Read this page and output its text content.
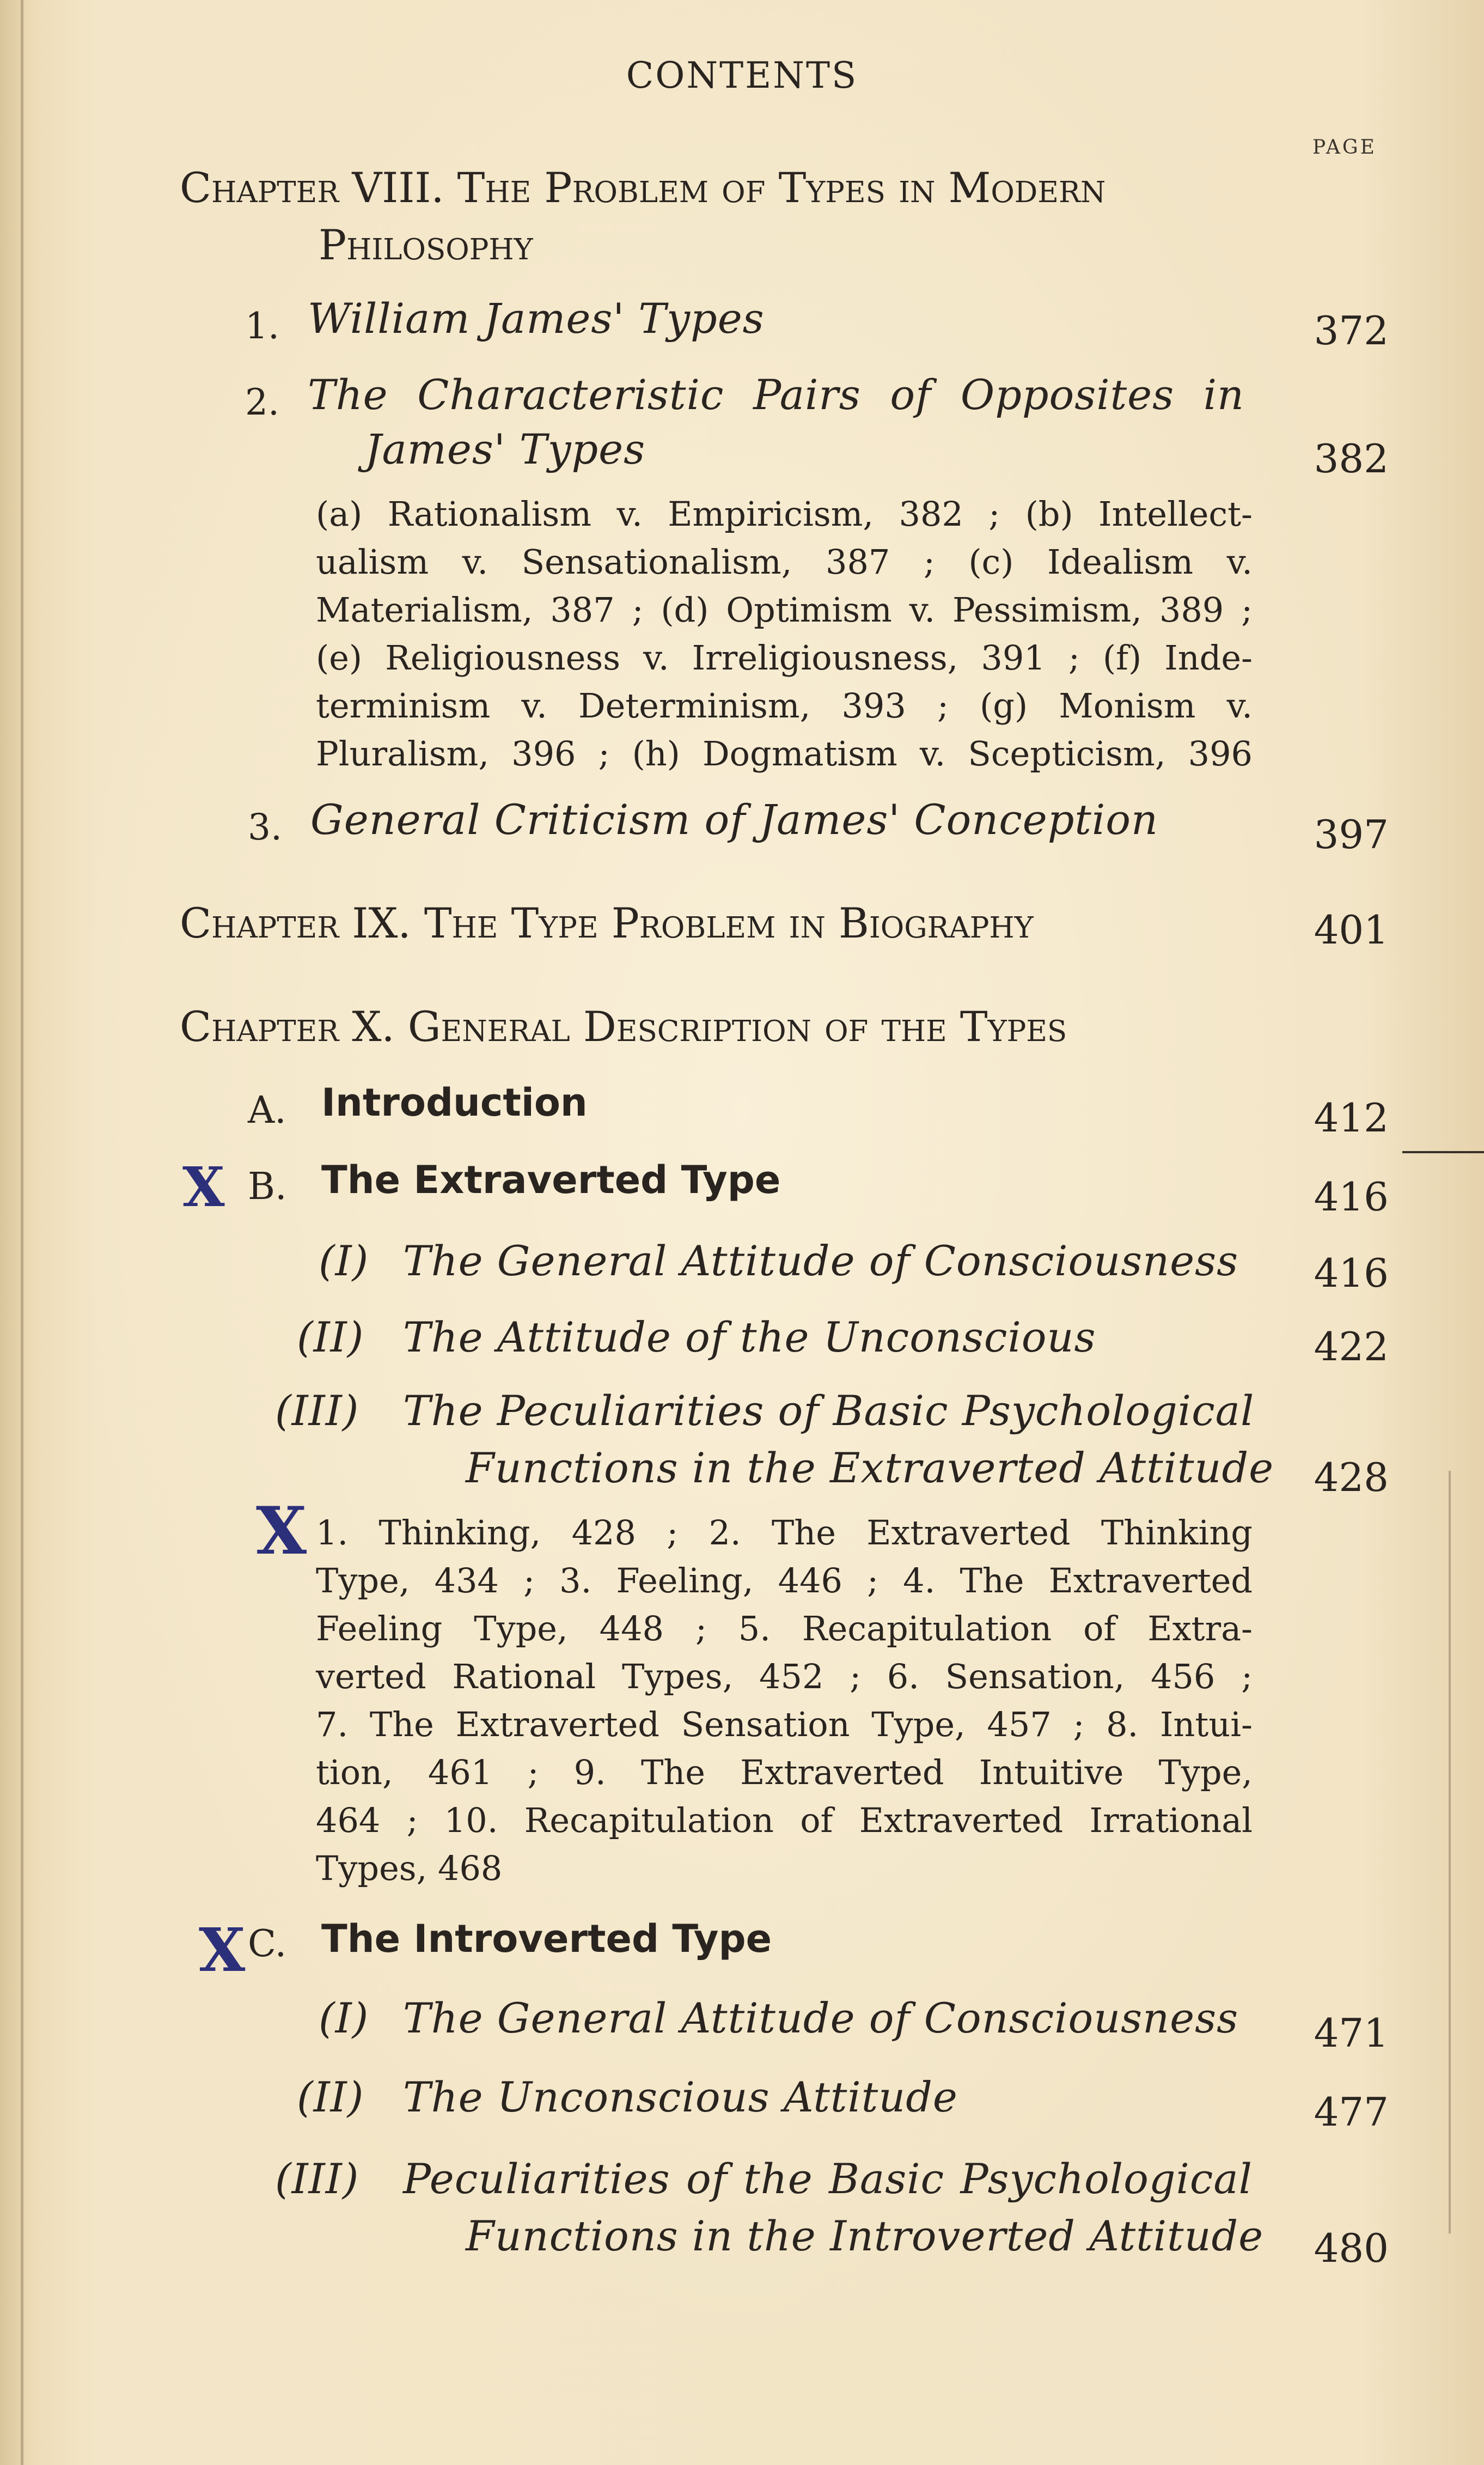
CONTENTS
PAGE
Chapter VIII. The Problem of Types in Modern
Philosophy
1. William James' Types	372
2. The Characteristic Pairs of Opposites in
James' Types	382
(a) Rationalism v. Empiricism, 382 ; (b) Intellect-
ualism v. Sensationalism, 387 ; (c) Idealism v.
Materialism, 387 ; (d) Optimism v. Pessimism, 389 ;
(e) Religiousness v. Irreligiousness, 391 ; (f) Inde-
terminism v. Determinism, 393 ; (g) Monism v.
Pluralism, 396 ; (h) Dogmatism v. Scepticism, 396
3. General Criticism of James' Conception	397
Chapter IX. The Type Problem in Biography	401
Chapter X. General Description of the Types
A. Introduction	412
X B. The Extraverted Type	416
(I) The General Attitude of Consciousness	416
(II) The Attitude of the Unconscious	422
(III) The Peculiarities of Basic Psychological
Functions in the Extraverted Attitude	428
X 1. Thinking, 428 ; 2. The Extraverted Thinking
Type, 434 ; 3. Feeling, 446 ; 4. The Extraverted
Feeling Type, 448 ; 5. Recapitulation of Extra-
verted Rational Types, 452 ; 6. Sensation, 456 ;
7. The Extraverted Sensation Type, 457 ; 8. Intui-
tion, 461 ; 9. The Extraverted Intuitive Type,
464 ; 10. Recapitulation of Extraverted Irrational
Types, 468
X C. The Introverted Type
(I) The General Attitude of Consciousness	471
(II) The Unconscious Attitude	477
(III) Peculiarities of the Basic Psychological
Functions in the Introverted Attitude	480
